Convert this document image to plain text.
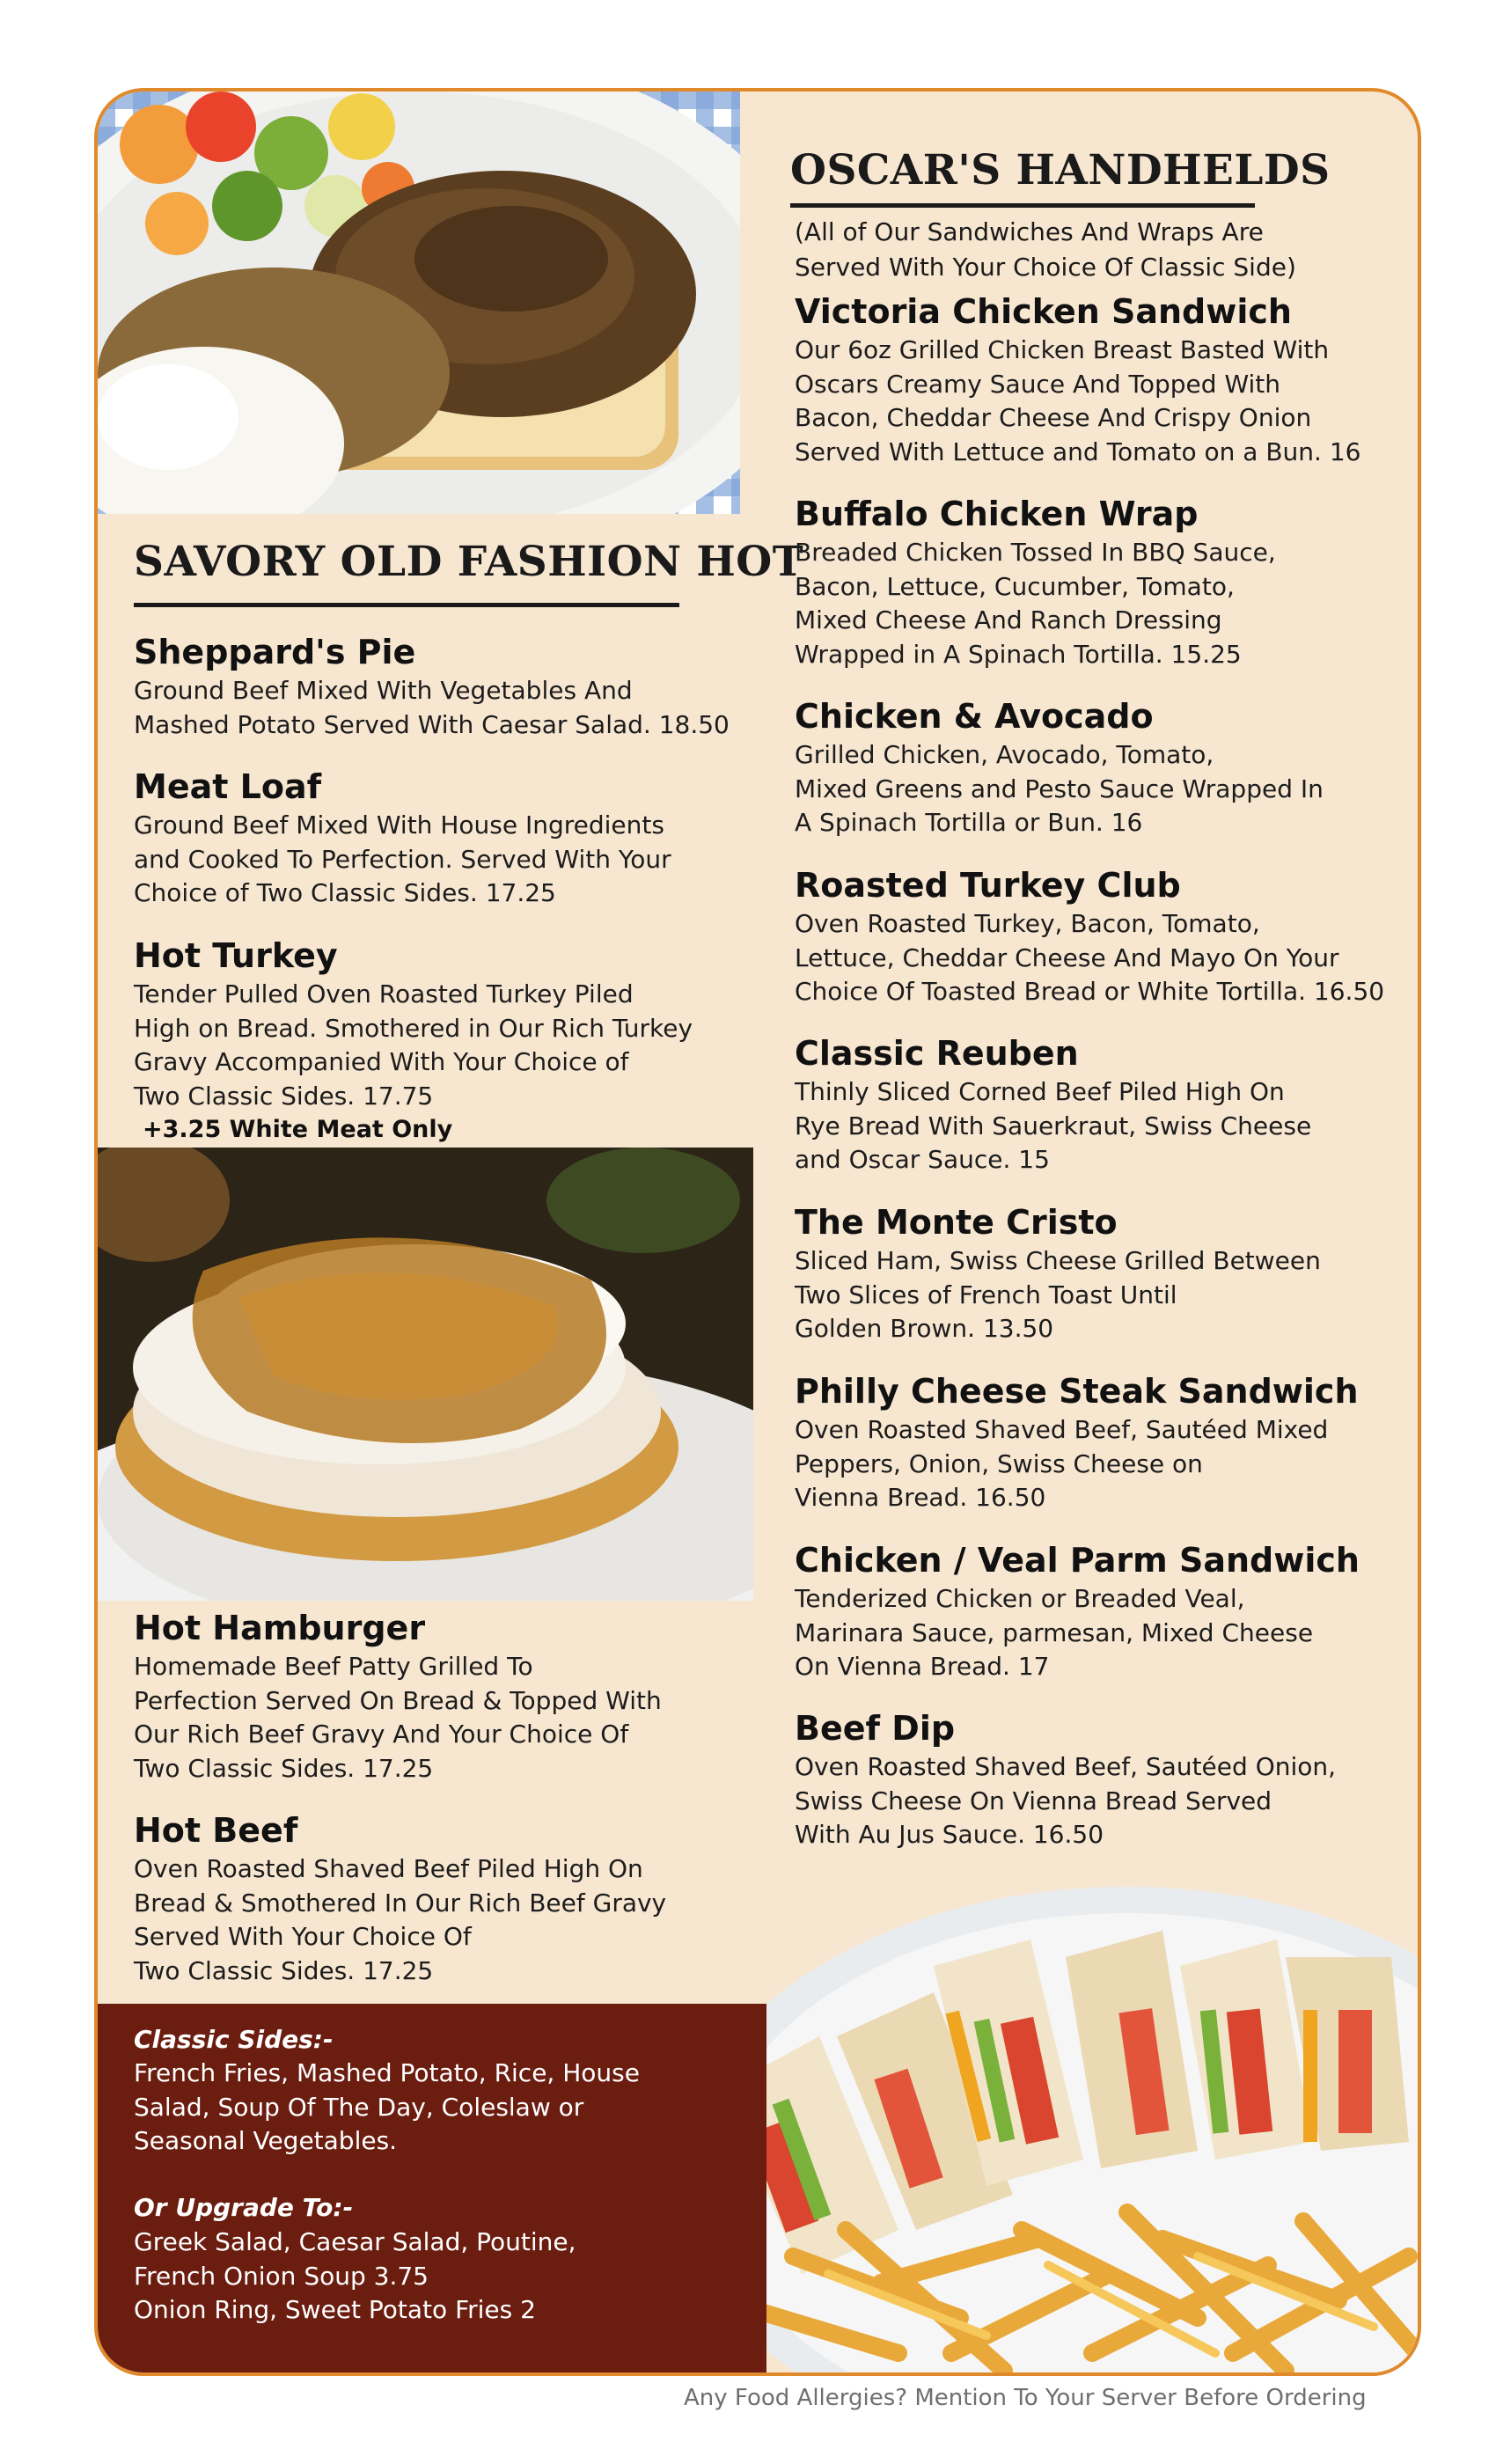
SAVORY OLD FASHION HOT
Sheppard's Pie
Ground Beef Mixed With Vegetables And
Mashed Potato Served With Caesar Salad. 18.50
Meat Loaf
Ground Beef Mixed With House Ingredients
and Cooked To Perfection. Served With Your
Choice of Two Classic Sides. 17.25
Hot Turkey
Tender Pulled Oven Roasted Turkey Piled
High on Bread. Smothered in Our Rich Turkey
Gravy Accompanied With Your Choice of
Two Classic Sides. 17.75
+3.25 White Meat Only
Hot Hamburger
Homemade Beef Patty Grilled To
Perfection Served On Bread & Topped With
Our Rich Beef Gravy And Your Choice Of
Two Classic Sides. 17.25
Hot Beef
Oven Roasted Shaved Beef Piled High On
Bread & Smothered In Our Rich Beef Gravy
Served With Your Choice Of
Two Classic Sides. 17.25
Classic Sides:-
French Fries, Mashed Potato, Rice, House
Salad, Soup Of The Day, Coleslaw or
Seasonal Vegetables.
Or Upgrade To:-
Greek Salad, Caesar Salad, Poutine,
French Onion Soup 3.75
Onion Ring, Sweet Potato Fries 2
OSCAR'S HANDHELDS
(All of Our Sandwiches And Wraps Are
Served With Your Choice Of Classic Side)
Victoria Chicken Sandwich
Our 6oz Grilled Chicken Breast Basted With
Oscars Creamy Sauce And Topped With
Bacon, Cheddar Cheese And Crispy Onion
Served With Lettuce and Tomato on a Bun. 16
Buffalo Chicken Wrap
Breaded Chicken Tossed In BBQ Sauce,
Bacon, Lettuce, Cucumber, Tomato,
Mixed Cheese And Ranch Dressing
Wrapped in A Spinach Tortilla. 15.25
Chicken & Avocado
Grilled Chicken, Avocado, Tomato,
Mixed Greens and Pesto Sauce Wrapped In
A Spinach Tortilla or Bun. 16
Roasted Turkey Club
Oven Roasted Turkey, Bacon, Tomato,
Lettuce, Cheddar Cheese And Mayo On Your
Choice Of Toasted Bread or White Tortilla. 16.50
Classic Reuben
Thinly Sliced Corned Beef Piled High On
Rye Bread With Sauerkraut, Swiss Cheese
and Oscar Sauce. 15
The Monte Cristo
Sliced Ham, Swiss Cheese Grilled Between
Two Slices of French Toast Until
Golden Brown. 13.50
Philly Cheese Steak Sandwich
Oven Roasted Shaved Beef, Sautéed Mixed
Peppers, Onion, Swiss Cheese on
Vienna Bread. 16.50
Chicken / Veal Parm Sandwich
Tenderized Chicken or Breaded Veal,
Marinara Sauce, parmesan, Mixed Cheese
On Vienna Bread. 17
Beef Dip
Oven Roasted Shaved Beef, Sautéed Onion,
Swiss Cheese On Vienna Bread Served
With Au Jus Sauce. 16.50
Any Food Allergies? Mention To Your Server Before Ordering
